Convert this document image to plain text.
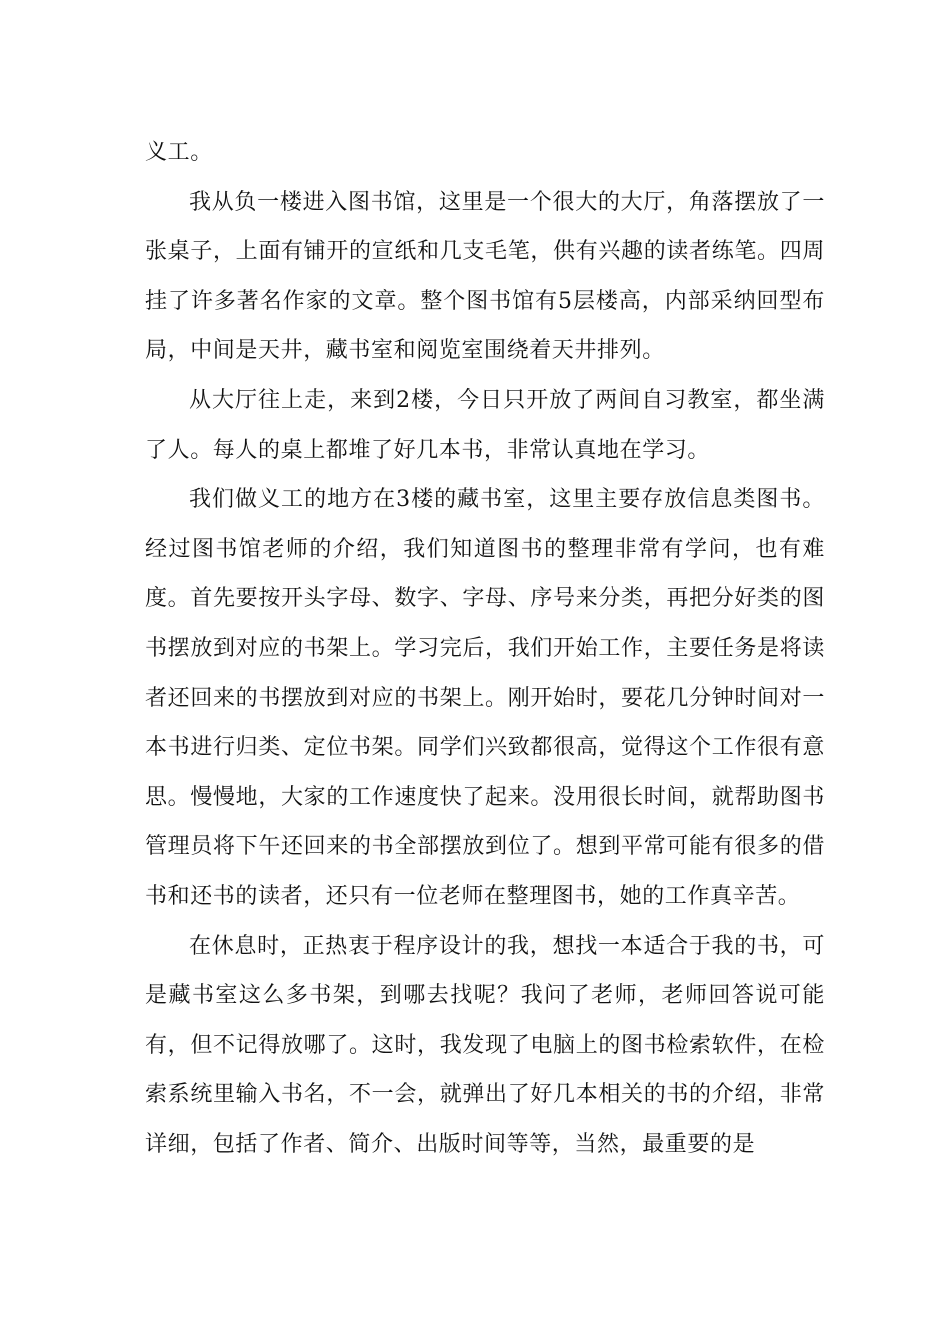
义工。

我从负一楼进入图书馆，这里是一个很大的大厅，角落摆放了一张桌子，上面有铺开的宣纸和几支毛笔，供有兴趣的读者练笔。四周挂了许多著名作家的文章。整个图书馆有5层楼高，内部采纳回型布局，中间是天井，藏书室和阅览室围绕着天井排列。

从大厅往上走，来到2楼，今日只开放了两间自习教室，都坐满了人。每人的桌上都堆了好几本书，非常认真地在学习。

我们做义工的地方在3楼的藏书室，这里主要存放信息类图书。经过图书馆老师的介绍，我们知道图书的整理非常有学问，也有难度。首先要按开头字母、数字、字母、序号来分类，再把分好类的图书摆放到对应的书架上。学习完后，我们开始工作，主要任务是将读者还回来的书摆放到对应的书架上。刚开始时，要花几分钟时间对一本书进行归类、定位书架。同学们兴致都很高，觉得这个工作很有意思。慢慢地，大家的工作速度快了起来。没用很长时间，就帮助图书管理员将下午还回来的书全部摆放到位了。想到平常可能有很多的借书和还书的读者，还只有一位老师在整理图书，她的工作真辛苦。

在休息时，正热衷于程序设计的我，想找一本适合于我的书，可是藏书室这么多书架，到哪去找呢？我问了老师，老师回答说可能有，但不记得放哪了。这时，我发现了电脑上的图书检索软件，在检索系统里输入书名，不一会，就弹出了好几本相关的书的介绍，非常详细，包括了作者、简介、出版时间等等，当然，最重要的是
